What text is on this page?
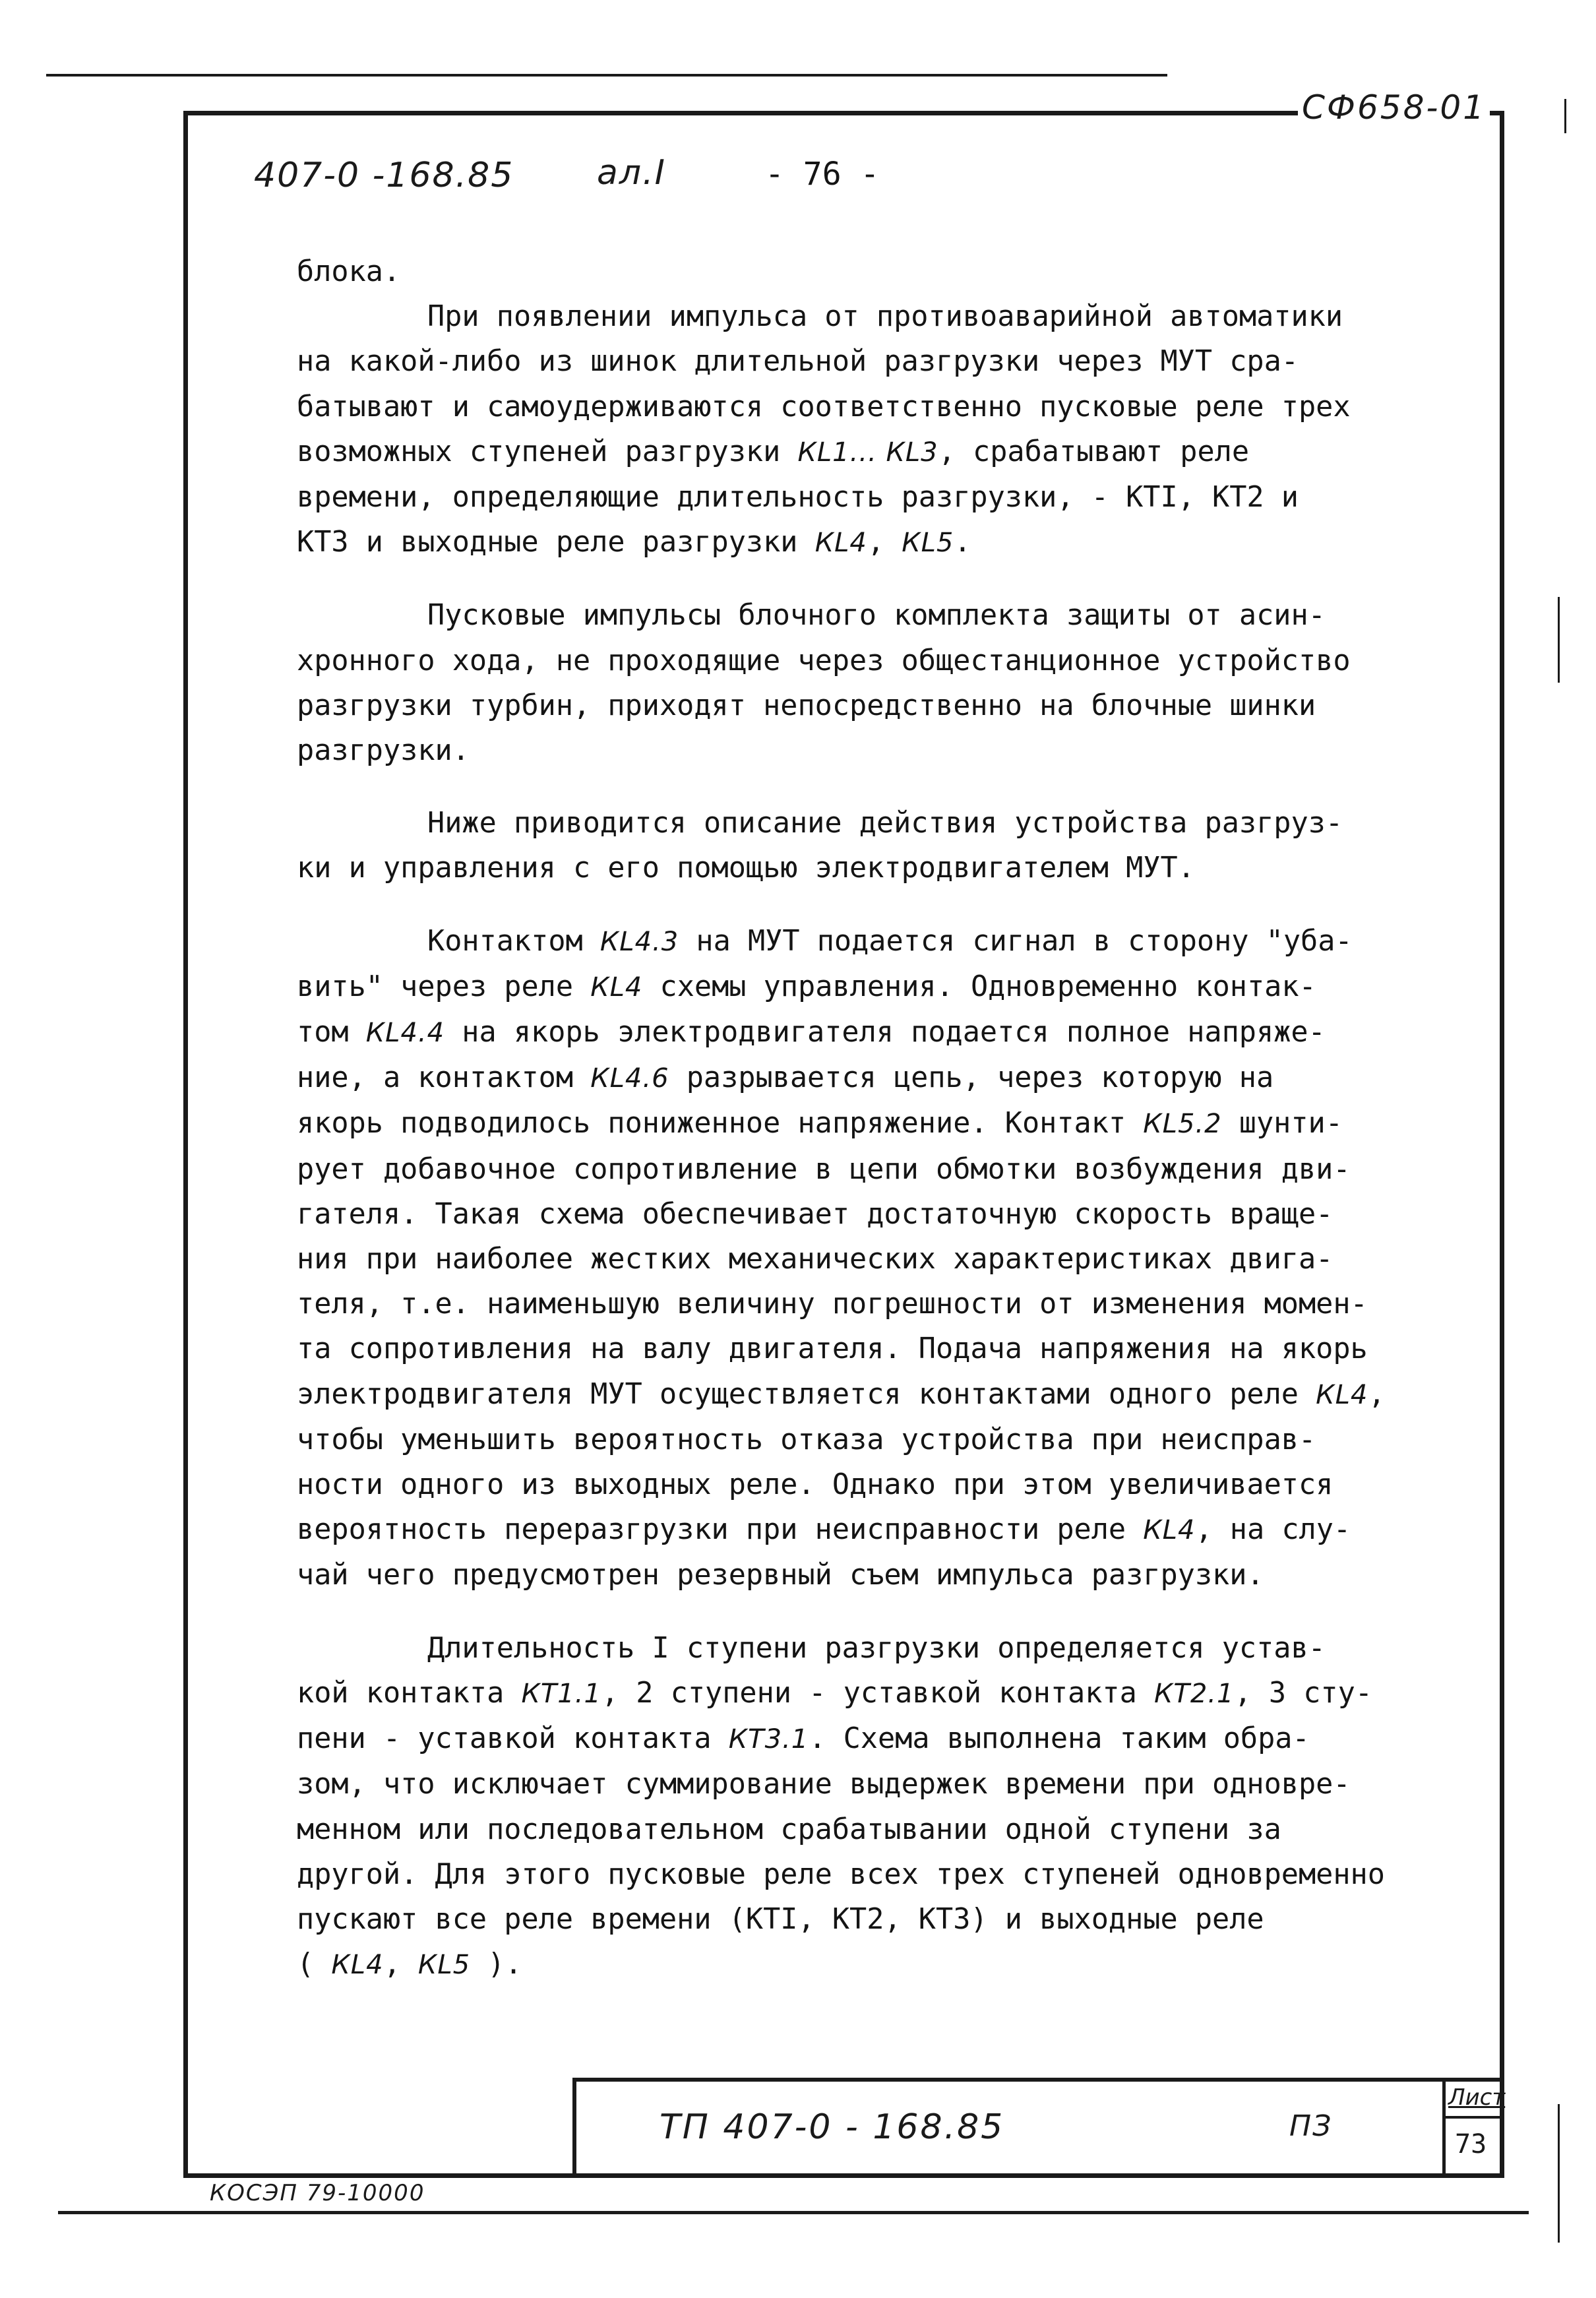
СФ658-01
407-0 -168.85 ал.I	- 76 -
блока.
При появлении импульса от противоаварийной автоматики
на какой-либо из шинок длительной разгрузки через МУТ сра-
батывают и самоудерживаются соответственно пусковые реле трех
возможных ступеней разгрузки КL1... КL3, срабатывают реле
времени, определяющие длительность разгрузки, - КТI, КТ2 и
КТ3 и выходные реле разгрузки КL4, КL5.
Пусковые импульсы блочного комплекта защиты от асин-
хронного хода, не проходящие через общестанционное устройство
разгрузки турбин, приходят непосредственно на блочные шинки
разгрузки.
Ниже приводится описание действия устройства разгруз-
ки и управления с его помощью электродвигателем МУТ.
Контактом КL4.3 на МУТ подается сигнал в сторону "уба-
вить" через реле КL4 схемы управления. Одновременно контак-
том КL4.4 на якорь электродвигателя подается полное напряже-
ние, а контактом КL4.6 разрывается цепь, через которую на
якорь подводилось пониженное напряжение. Контакт КL5.2 шунти-
рует добавочное сопротивление в цепи обмотки возбуждения дви-
гателя. Такая схема обеспечивает достаточную скорость враще-
ния при наиболее жестких механических характеристиках двига-
теля, т.е. наименьшую величину погрешности от изменения момен-
та сопротивления на валу двигателя. Подача напряжения на якорь
электродвигателя МУТ осуществляется контактами одного реле КL4,
чтобы уменьшить вероятность отказа устройства при неисправ-
ности одного из выходных реле. Однако при этом увеличивается
вероятность переразгрузки при неисправности реле КL4, на слу-
чай чего предусмотрен резервный съем импульса разгрузки.
Длительность I ступени разгрузки определяется устав-
кой контакта КТ1.1, 2 ступени - уставкой контакта КТ2.1, 3 сту-
пени - уставкой контакта КТ3.1. Схема выполнена таким обра-
зом, что исключает суммирование выдержек времени при одновре-
менном или последовательном срабатывании одной ступени за
другой. Для этого пусковые реле всех трех ступеней одновременно
пускают все реле времени (КТI, КТ2, КТ3) и выходные реле
( КL4, КL5 ).
ТП 407-0 - 168.85	ПЗ
Лист
73
КОСЭП 79-10000
